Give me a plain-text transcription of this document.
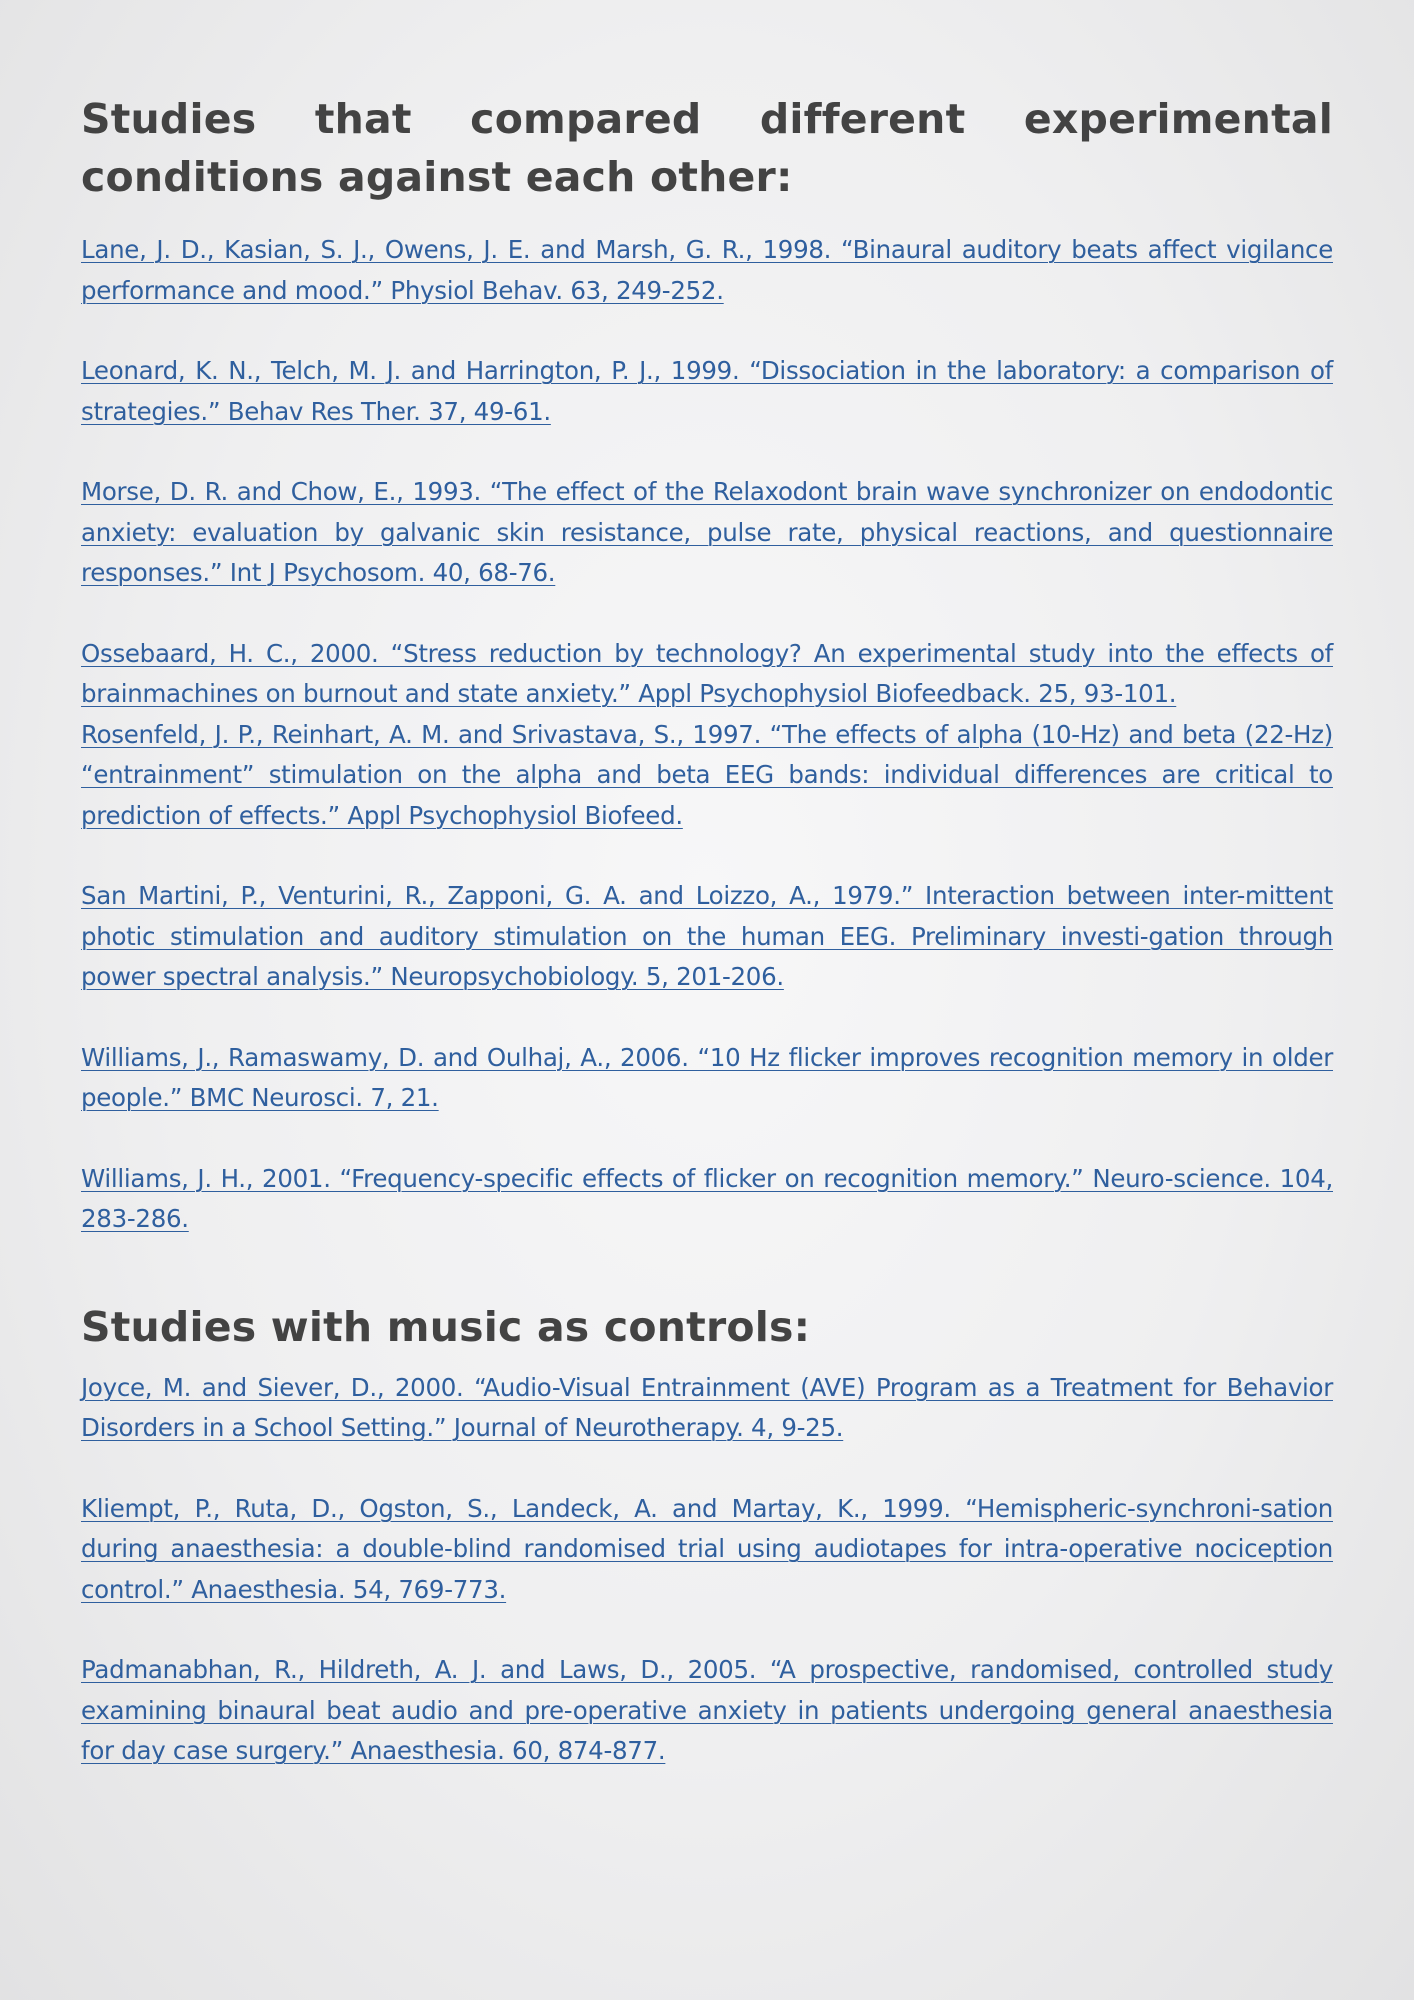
Studies that compared different experimental conditions against each other:

Lane, J. D., Kasian, S. J., Owens, J. E. and Marsh, G. R., 1998. “Binaural auditory beats affect vigilance performance and mood.” Physiol Behav. 63, 249-252.

Leonard, K. N., Telch, M. J. and Harrington, P. J., 1999. “Dissociation in the laboratory: a comparison of strategies.” Behav Res Ther. 37, 49-61.

Morse, D. R. and Chow, E., 1993. “The effect of the Relaxodont brain wave synchronizer on endodontic anxiety: evaluation by galvanic skin resistance, pulse rate, physical reactions, and questionnaire responses.” Int J Psychosom. 40, 68-76.

Ossebaard, H. C., 2000. “Stress reduction by technology? An experimental study into the effects of brainmachines on burnout and state anxiety.” Appl Psychophysiol Biofeedback. 25, 93-101.

Rosenfeld, J. P., Reinhart, A. M. and Srivastava, S., 1997. “The effects of alpha (10-Hz) and beta (22-Hz) “entrainment” stimulation on the alpha and beta EEG bands: individual differences are critical to prediction of effects.” Appl Psychophysiol Biofeed.

San Martini, P., Venturini, R., Zapponi, G. A. and Loizzo, A., 1979.” Interaction between inter-mittent photic stimulation and auditory stimulation on the human EEG. Preliminary investi-gation through power spectral analysis.” Neuropsychobiology. 5, 201-206.

Williams, J., Ramaswamy, D. and Oulhaj, A., 2006. “10 Hz flicker improves recognition memory in older people.” BMC Neurosci. 7, 21.

Williams, J. H., 2001. “Frequency-specific effects of flicker on recognition memory.” Neuro-science. 104, 283-286.

Studies with music as controls:

Joyce, M. and Siever, D., 2000. “Audio-Visual Entrainment (AVE) Program as a Treatment for Behavior Disorders in a School Setting.” Journal of Neurotherapy. 4, 9-25.

Kliempt, P., Ruta, D., Ogston, S., Landeck, A. and Martay, K., 1999. “Hemispheric-synchroni-sation during anaesthesia: a double-blind randomised trial using audiotapes for intra-operative nociception control.” Anaesthesia. 54, 769-773.

Padmanabhan, R., Hildreth, A. J. and Laws, D., 2005. “A prospective, randomised, controlled study examining binaural beat audio and pre-operative anxiety in patients undergoing general anaesthesia for day case surgery.” Anaesthesia. 60, 874-877.
